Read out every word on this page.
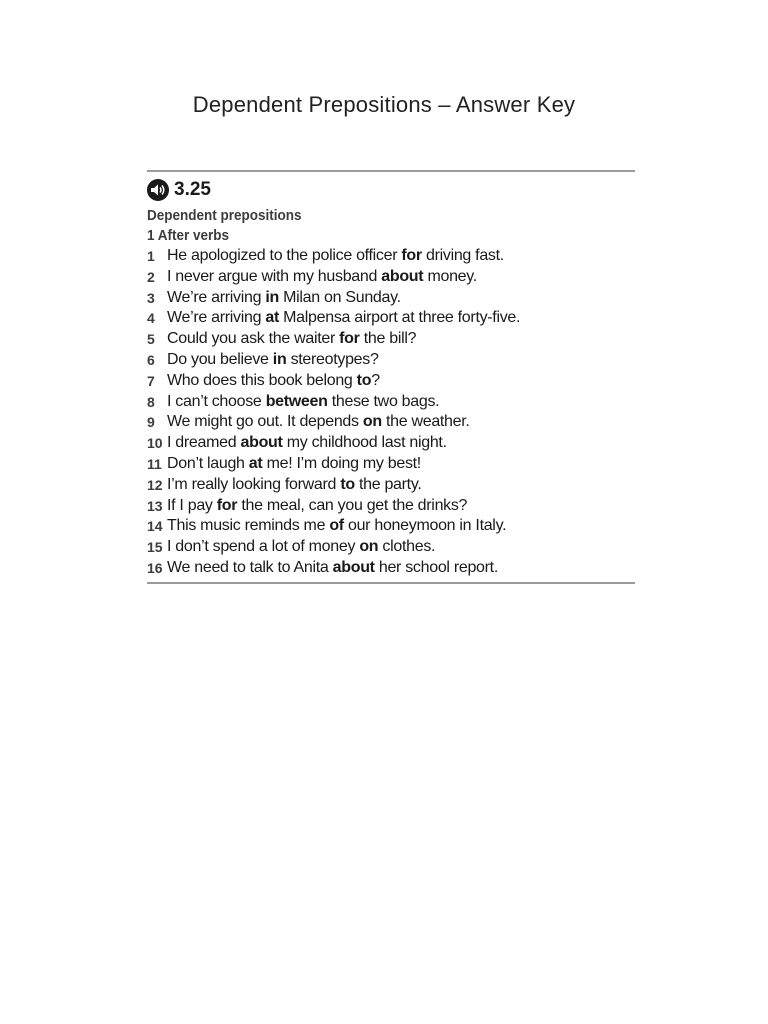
Dependent Prepositions – Answer Key
3.25
Dependent prepositions
1 After verbs
1 He apologized to the police officer for driving fast.
2 I never argue with my husband about money.
3 We’re arriving in Milan on Sunday.
4 We’re arriving at Malpensa airport at three forty-five.
5 Could you ask the waiter for the bill?
6 Do you believe in stereotypes?
7 Who does this book belong to?
8 I can’t choose between these two bags.
9 We might go out. It depends on the weather.
10 I dreamed about my childhood last night.
11 Don’t laugh at me! I’m doing my best!
12 I’m really looking forward to the party.
13 If I pay for the meal, can you get the drinks?
14 This music reminds me of our honeymoon in Italy.
15 I don’t spend a lot of money on clothes.
16 We need to talk to Anita about her school report.
